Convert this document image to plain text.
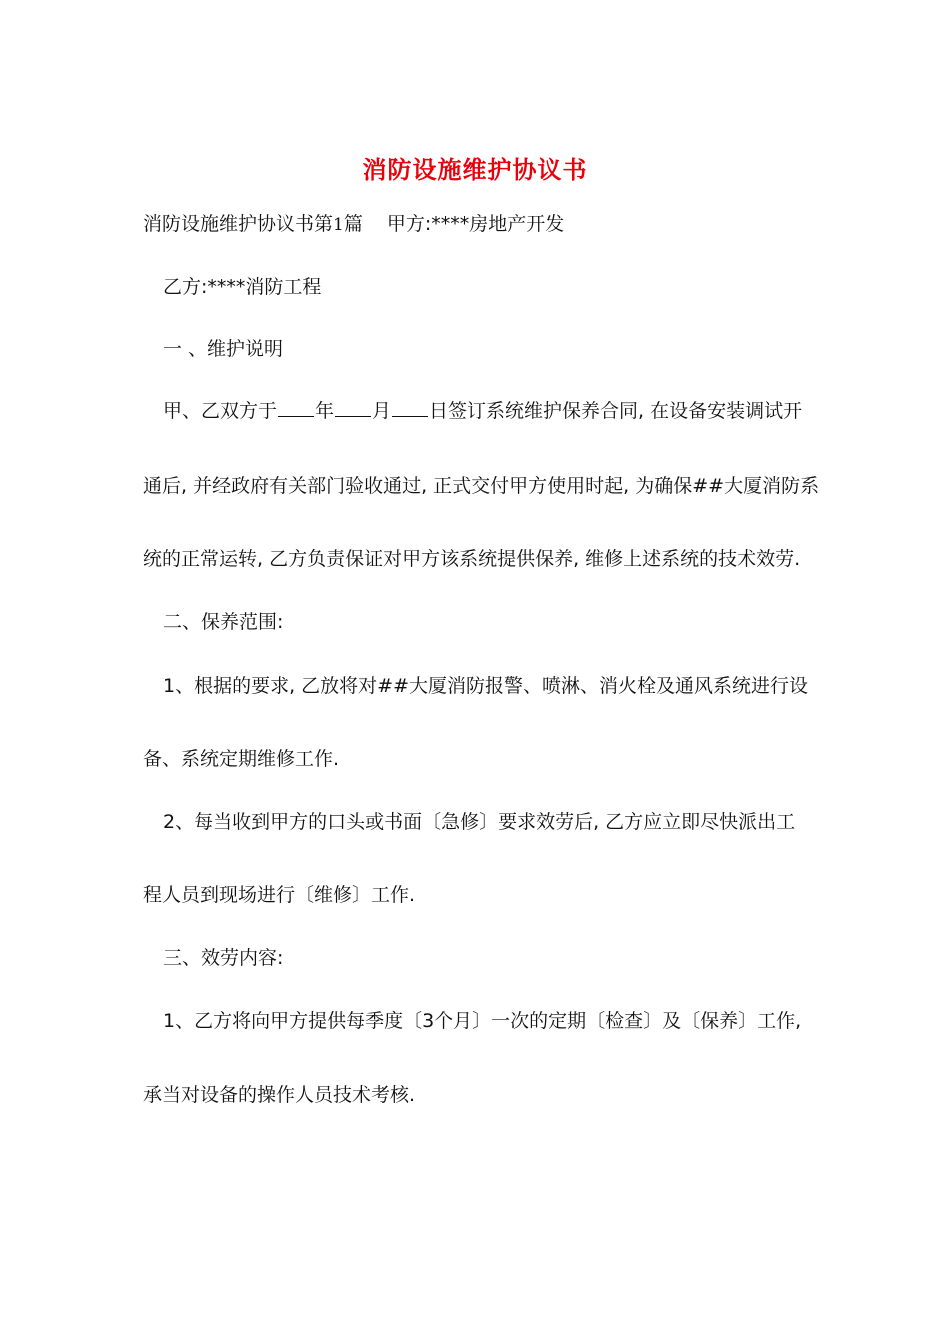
消防设施维护协议书
消防设施维护协议书第1篇 甲方:****房地产开发
乙方:****消防工程
一 、维护说明
甲、乙双方于 年 月 日签订系统维护保养合同, 在设备安装调试开
通后, 并经政府有关部门验收通过, 正式交付甲方使用时起, 为确保##大厦消防系
统的正常运转, 乙方负责保证对甲方该系统提供保养, 维修上述系统的技术效劳.
二、保养范围:
1、根据的要求, 乙放将对##大厦消防报警、喷淋、消火栓及通风系统进行设
备、系统定期维修工作.
2、每当收到甲方的口头或书面〔急修〕要求效劳后, 乙方应立即尽快派出工
程人员到现场进行〔维修〕工作.
三、效劳内容:
1、乙方将向甲方提供每季度〔3个月〕一次的定期〔检查〕及〔保养〕工作,
承当对设备的操作人员技术考核.
